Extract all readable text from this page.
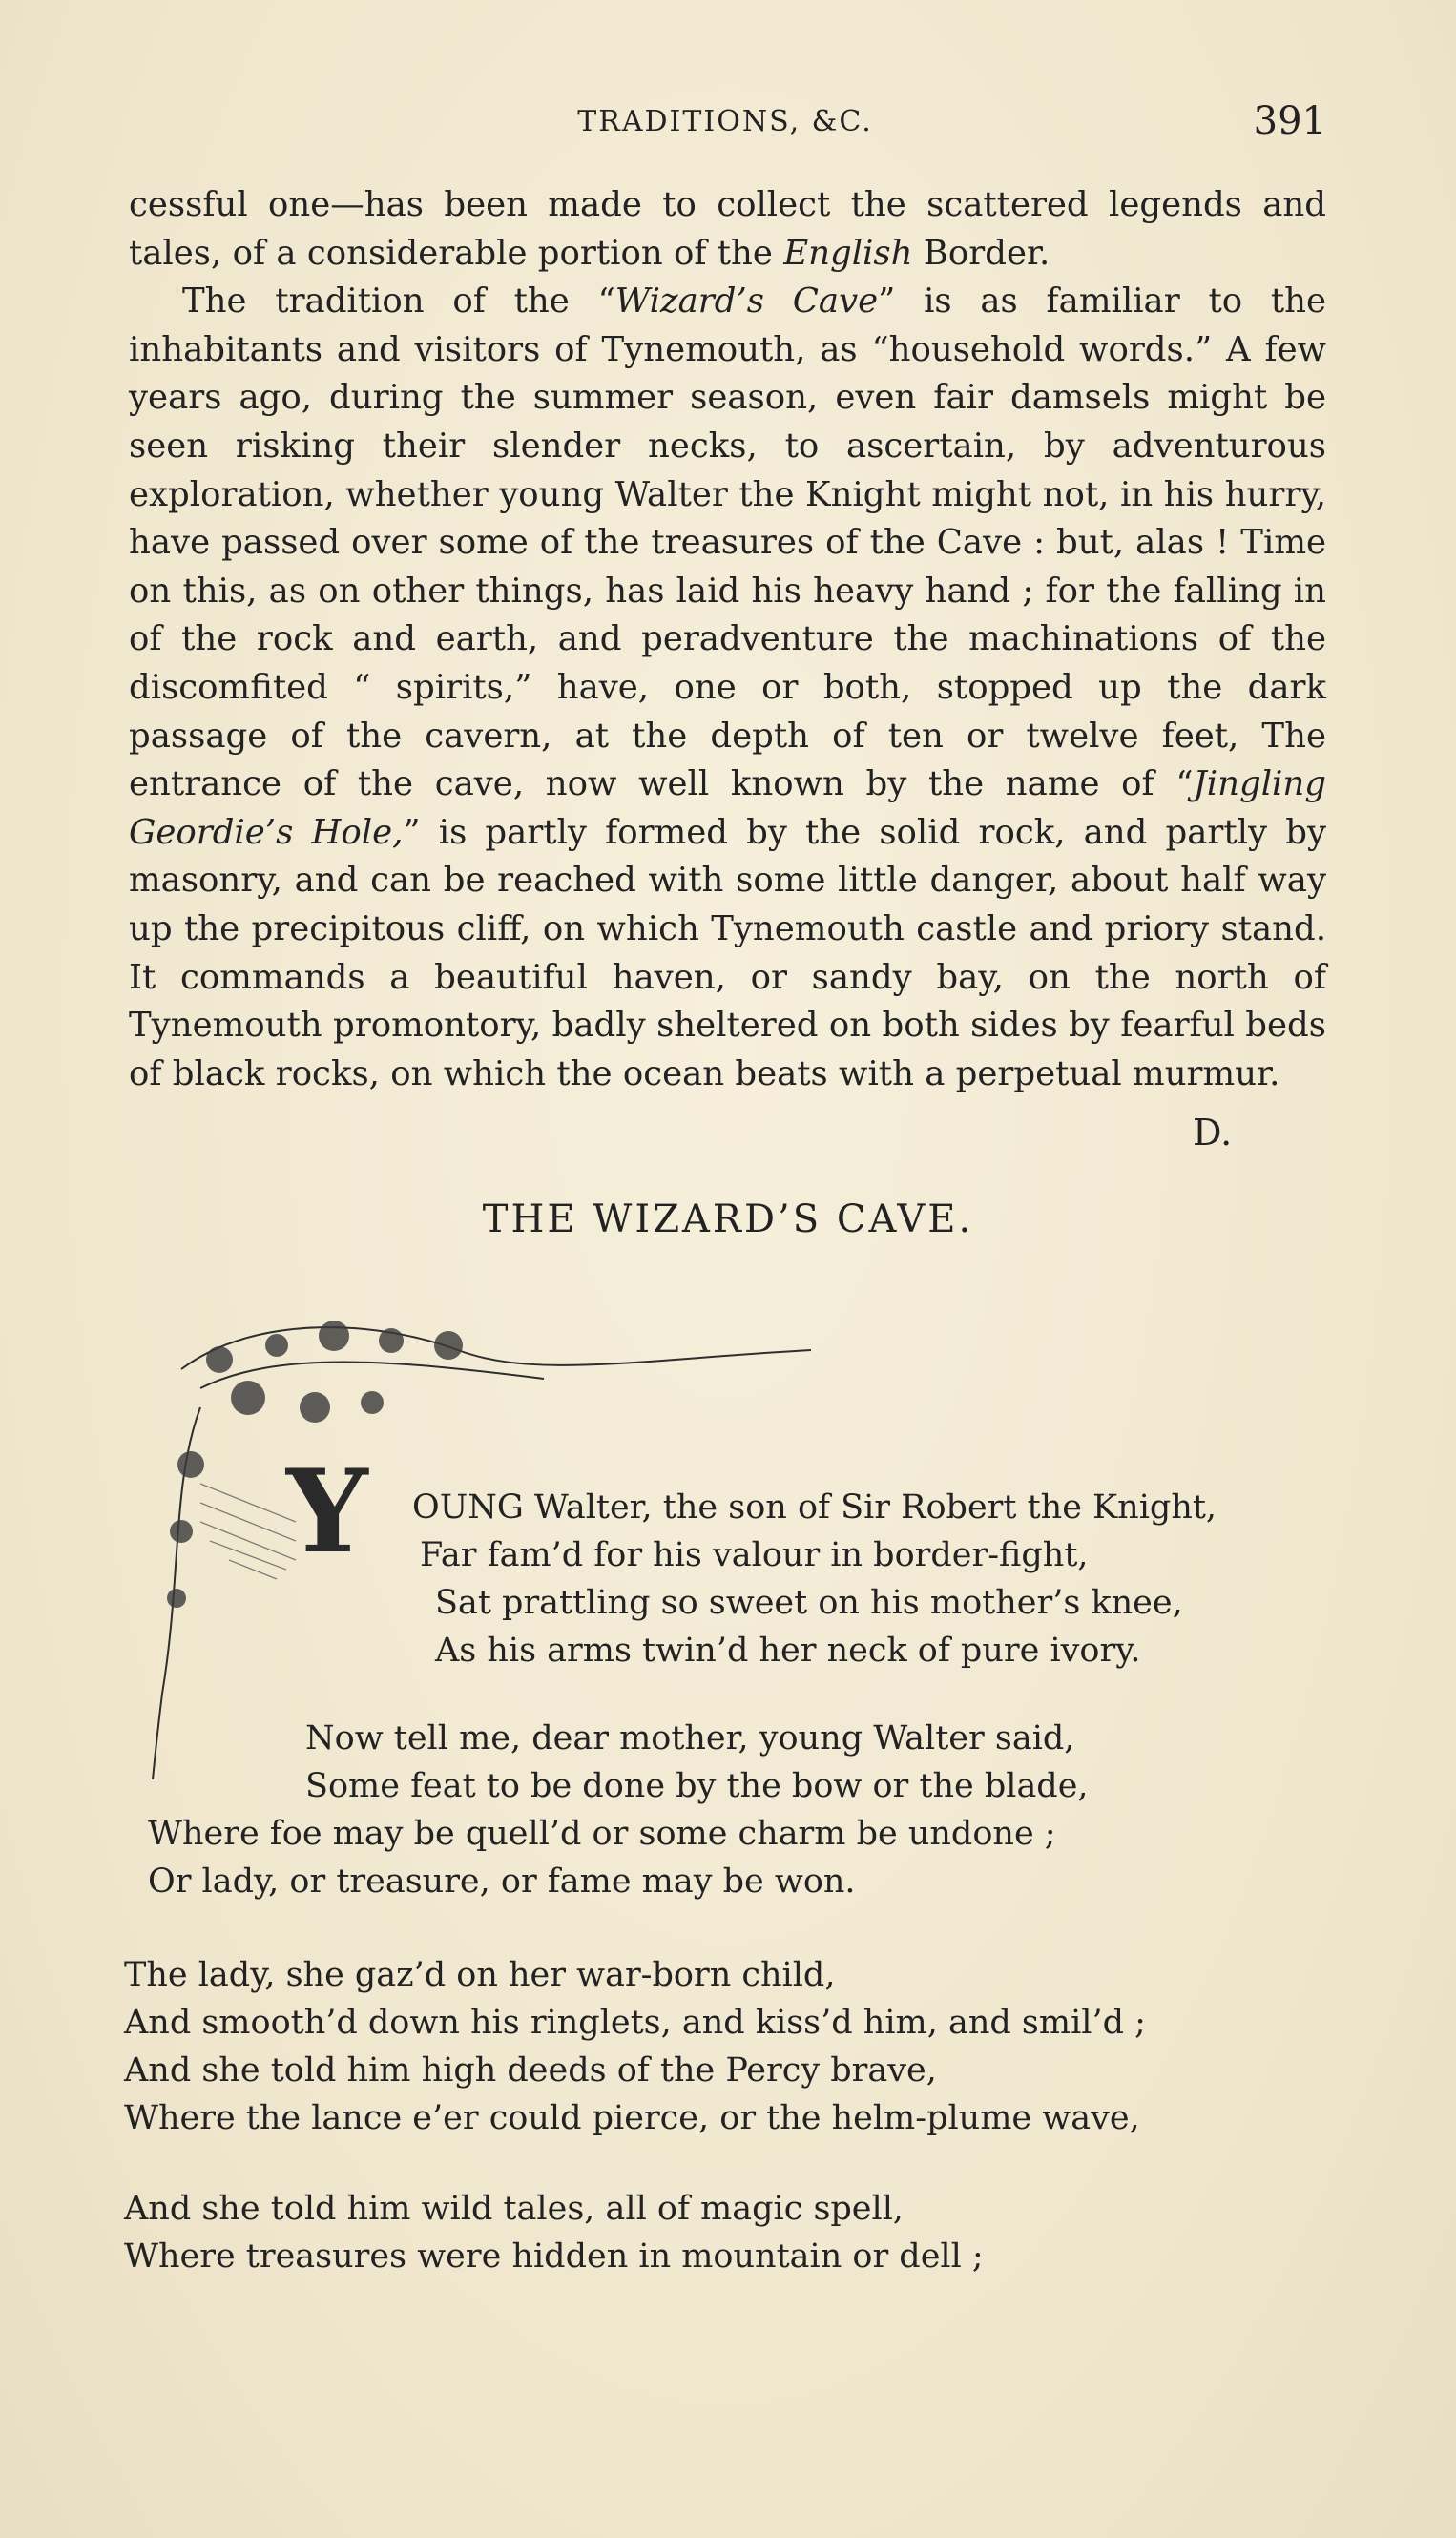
TRADITIONS, &C.	391

cessful one—has been made to collect the scattered legends and tales, of a considerable portion of the English Border.

The tradition of the “Wizard’s Cave” is as familiar to the inhabitants and visitors of Tynemouth, as “household words.” A few years ago, during the summer season, even fair damsels might be seen risking their slender necks, to ascertain, by adventurous exploration, whether young Walter the Knight might not, in his hurry, have passed over some of the treasures of the Cave : but, alas ! Time on this, as on other things, has laid his heavy hand ; for the falling in of the rock and earth, and peradventure the machinations of the discomfited “ spirits,” have, one or both, stopped up the dark passage of the cavern, at the depth of ten or twelve feet, The entrance of the cave, now well known by the name of “Jingling Geordie’s Hole,” is partly formed by the solid rock, and partly by masonry, and can be reached with some little danger, about half way up the precipitous cliff, on which Tynemouth castle and priory stand. It commands a beautiful haven, or sandy bay, on the north of Tynemouth promontory, badly sheltered on both sides by fearful beds of black rocks, on which the ocean beats with a perpetual murmur.

D.
THE WIZARD’S CAVE.
Y OUNG Walter, the son of Sir Robert the Knight,
Far fam’d for his valour in border-fight,
Sat prattling so sweet on his mother’s knee,
As his arms twin’d her neck of pure ivory.
Now tell me, dear mother, young Walter said,
Some feat to be done by the bow or the blade,
Where foe may be quell’d or some charm be undone ;
Or lady, or treasure, or fame may be won.
The lady, she gaz’d on her war-born child,
And smooth’d down his ringlets, and kiss’d him, and smil’d ;
And she told him high deeds of the Percy brave,
Where the lance e’er could pierce, or the helm-plume wave,
And she told him wild tales, all of magic spell,
Where treasures were hidden in mountain or dell ;
